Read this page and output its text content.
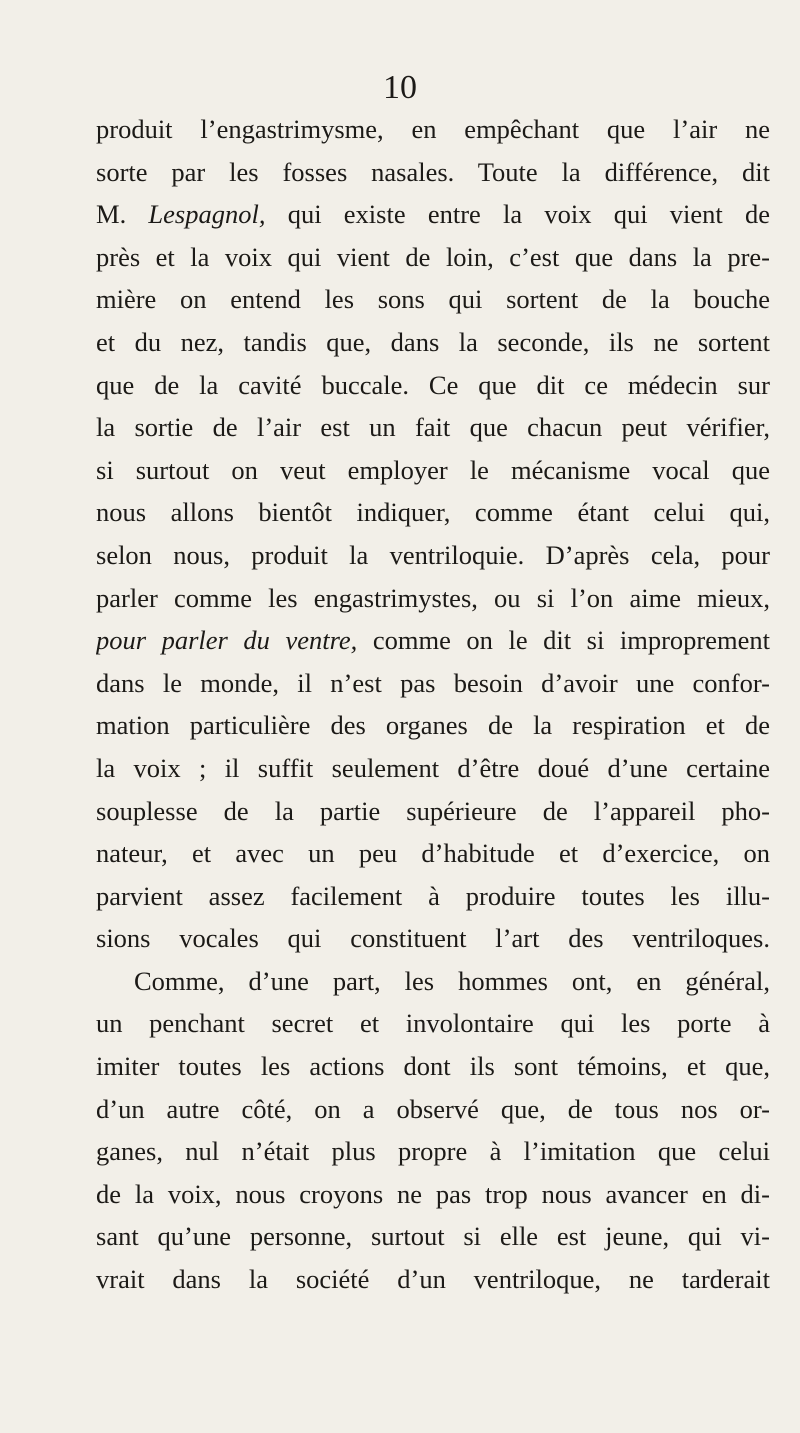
10
produit l’engastrimysme, en empêchant que l’air ne
sorte par les fosses nasales. Toute la différence, dit
M. Lespagnol, qui existe entre la voix qui vient de
près et la voix qui vient de loin, c’est que dans la pre-
mière on entend les sons qui sortent de la bouche
et du nez, tandis que, dans la seconde, ils ne sortent
que de la cavité buccale. Ce que dit ce médecin sur
la sortie de l’air est un fait que chacun peut vérifier,
si surtout on veut employer le mécanisme vocal que
nous allons bientôt indiquer, comme étant celui qui,
selon nous, produit la ventriloquie. D’après cela, pour
parler comme les engastrimystes, ou si l’on aime mieux,
pour parler du ventre, comme on le dit si improprement
dans le monde, il n’est pas besoin d’avoir une confor-
mation particulière des organes de la respiration et de
la voix ; il suffit seulement d’être doué d’une certaine
souplesse de la partie supérieure de l’appareil pho-
nateur, et avec un peu d’habitude et d’exercice, on
parvient assez facilement à produire toutes les illu-
sions vocales qui constituent l’art des ventriloques.
Comme, d’une part, les hommes ont, en général,
un penchant secret et involontaire qui les porte à
imiter toutes les actions dont ils sont témoins, et que,
d’un autre côté, on a observé que, de tous nos or-
ganes, nul n’était plus propre à l’imitation que celui
de la voix, nous croyons ne pas trop nous avancer en di-
sant qu’une personne, surtout si elle est jeune, qui vi-
vrait dans la société d’un ventriloque, ne tarderait
